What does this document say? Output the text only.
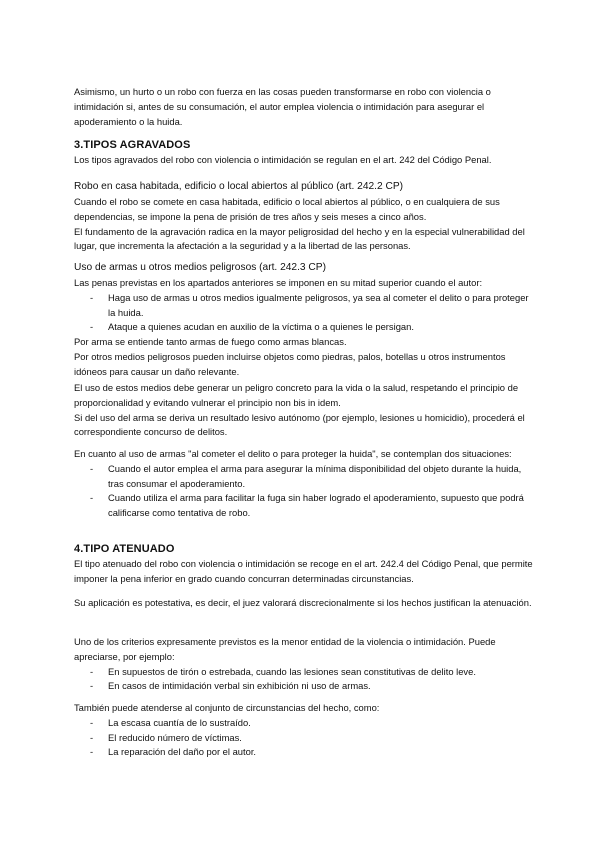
Asimismo, un hurto o un robo con fuerza en las cosas pueden transformarse en robo con violencia o intimidación si, antes de su consumación, el autor emplea violencia o intimidación para asegurar el apoderamiento o la huida.

3.TIPOS AGRAVADOS

Los tipos agravados del robo con violencia o intimidación se regulan en el art. 242 del Código Penal.

Robo en casa habitada, edificio o local abiertos al público (art. 242.2 CP)

Cuando el robo se comete en casa habitada, edificio o local abiertos al público, o en cualquiera de sus dependencias, se impone la pena de prisión de tres años y seis meses a cinco años.

El fundamento de la agravación radica en la mayor peligrosidad del hecho y en la especial vulnerabilidad del lugar, que incrementa la afectación a la seguridad y a la libertad de las personas.

Uso de armas u otros medios peligrosos (art. 242.3 CP)

Las penas previstas en los apartados anteriores se imponen en su mitad superior cuando el autor:

- Haga uso de armas u otros medios igualmente peligrosos, ya sea al cometer el delito o para proteger la huida.
- Ataque a quienes acudan en auxilio de la víctima o a quienes le persigan.

Por arma se entiende tanto armas de fuego como armas blancas.

Por otros medios peligrosos pueden incluirse objetos como piedras, palos, botellas u otros instrumentos idóneos para causar un daño relevante.

El uso de estos medios debe generar un peligro concreto para la vida o la salud, respetando el principio de proporcionalidad y evitando vulnerar el principio non bis in idem.

Si del uso del arma se deriva un resultado lesivo autónomo (por ejemplo, lesiones u homicidio), procederá el correspondiente concurso de delitos.

En cuanto al uso de armas "al cometer el delito o para proteger la huida", se contemplan dos situaciones:

- Cuando el autor emplea el arma para asegurar la mínima disponibilidad del objeto durante la huida, tras consumar el apoderamiento.
- Cuando utiliza el arma para facilitar la fuga sin haber logrado el apoderamiento, supuesto que podrá calificarse como tentativa de robo.
4.TIPO ATENUADO

El tipo atenuado del robo con violencia o intimidación se recoge en el art. 242.4 del Código Penal, que permite imponer la pena inferior en grado cuando concurran determinadas circunstancias.

Su aplicación es potestativa, es decir, el juez valorará discrecionalmente si los hechos justifican la atenuación.

Uno de los criterios expresamente previstos es la menor entidad de la violencia o intimidación. Puede apreciarse, por ejemplo:

- En supuestos de tirón o estrebada, cuando las lesiones sean constitutivas de delito leve.
- En casos de intimidación verbal sin exhibición ni uso de armas.

También puede atenderse al conjunto de circunstancias del hecho, como:

- La escasa cuantía de lo sustraído.
- El reducido número de víctimas.
- La reparación del daño por el autor.
